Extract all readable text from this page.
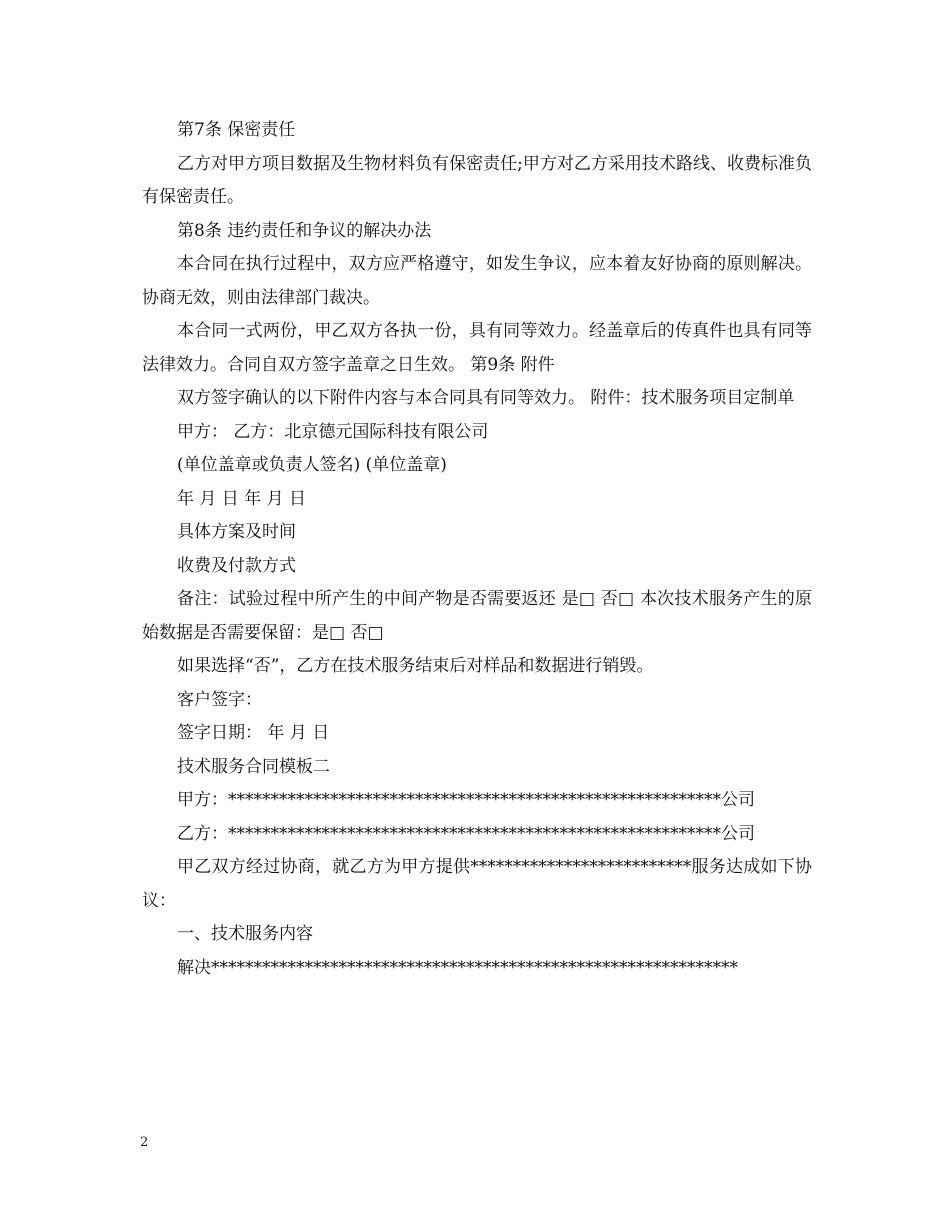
第7条 保密责任

乙方对甲方项目数据及生物材料负有保密责任;甲方对乙方采用技术路线、收费标准负有保密责任。

第8条 违约责任和争议的解决办法

本合同在执行过程中，双方应严格遵守，如发生争议，应本着友好协商的原则解决。协商无效，则由法律部门裁决。

本合同一式两份，甲乙双方各执一份，具有同等效力。经盖章后的传真件也具有同等法律效力。合同自双方签字盖章之日生效。 第9条 附件

双方签字确认的以下附件内容与本合同具有同等效力。 附件：技术服务项目定制单

甲方： 乙方：北京德元国际科技有限公司

(单位盖章或负责人签名) (单位盖章)

年 月 日 年 月 日

具体方案及时间

收费及付款方式

备注：试验过程中所产生的中间产物是否需要返还 是□ 否□ 本次技术服务产生的原始数据是否需要保留：是□ 否□

如果选择“否”，乙方在技术服务结束后对样品和数据进行销毁。

客户签字：

签字日期： 年 月 日

技术服务合同模板二

甲方：**********************************************************公司

乙方：**********************************************************公司

甲乙双方经过协商，就乙方为甲方提供**************************服务达成如下协议：

一、技术服务内容

解决**************************************************************

2
